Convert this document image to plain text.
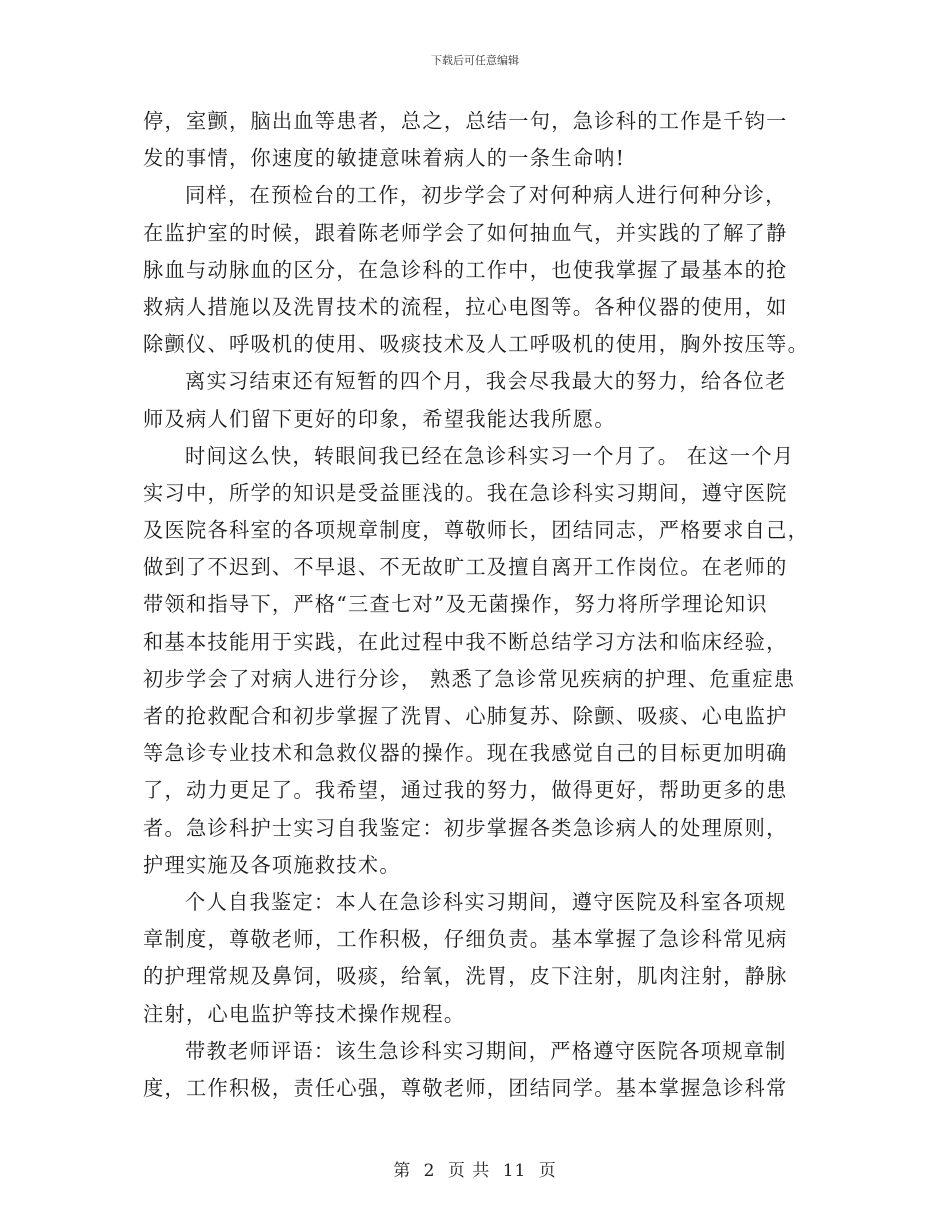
下载后可任意编辑
停，室颤，脑出血等患者，总之，总结一句，急诊科的工作是千钧一
发的事情，你速度的敏捷意味着病人的一条生命呐!
同样，在预检台的工作，初步学会了对何种病人进行何种分诊，
在监护室的时候，跟着陈老师学会了如何抽血气，并实践的了解了静
脉血与动脉血的区分，在急诊科的工作中，也使我掌握了最基本的抢
救病人措施以及洗胃技术的流程，拉心电图等。各种仪器的使用，如
除颤仪、呼吸机的使用、吸痰技术及人工呼吸机的使用，胸外按压等。
离实习结束还有短暂的四个月，我会尽我最大的努力，给各位老
师及病人们留下更好的印象，希望我能达我所愿。
时间这么快，转眼间我已经在急诊科实习一个月了。 在这一个月
实习中，所学的知识是受益匪浅的。我在急诊科实习期间，遵守医院
及医院各科室的各项规章制度，尊敬师长，团结同志，严格要求自己，
做到了不迟到、不早退、不无故旷工及擅自离开工作岗位。在老师的
带领和指导下，严格“三查七对”及无菌操作，努力将所学理论知识
和基本技能用于实践，在此过程中我不断总结学习方法和临床经验，
初步学会了对病人进行分诊， 熟悉了急诊常见疾病的护理、危重症患
者的抢救配合和初步掌握了洗胃、心肺复苏、除颤、吸痰、心电监护
等急诊专业技术和急救仪器的操作。现在我感觉自己的目标更加明确
了，动力更足了。我希望，通过我的努力，做得更好，帮助更多的患
者。急诊科护士实习自我鉴定：初步掌握各类急诊病人的处理原则，
护理实施及各项施救技术。
个人自我鉴定：本人在急诊科实习期间，遵守医院及科室各项规
章制度，尊敬老师，工作积极，仔细负责。基本掌握了急诊科常见病
的护理常规及鼻饲，吸痰，给氧，洗胃，皮下注射，肌肉注射，静脉
注射，心电监护等技术操作规程。
带教老师评语：该生急诊科实习期间，严格遵守医院各项规章制
度，工作积极，责任心强，尊敬老师，团结同学。基本掌握急诊科常
第 2 页 共 11 页
